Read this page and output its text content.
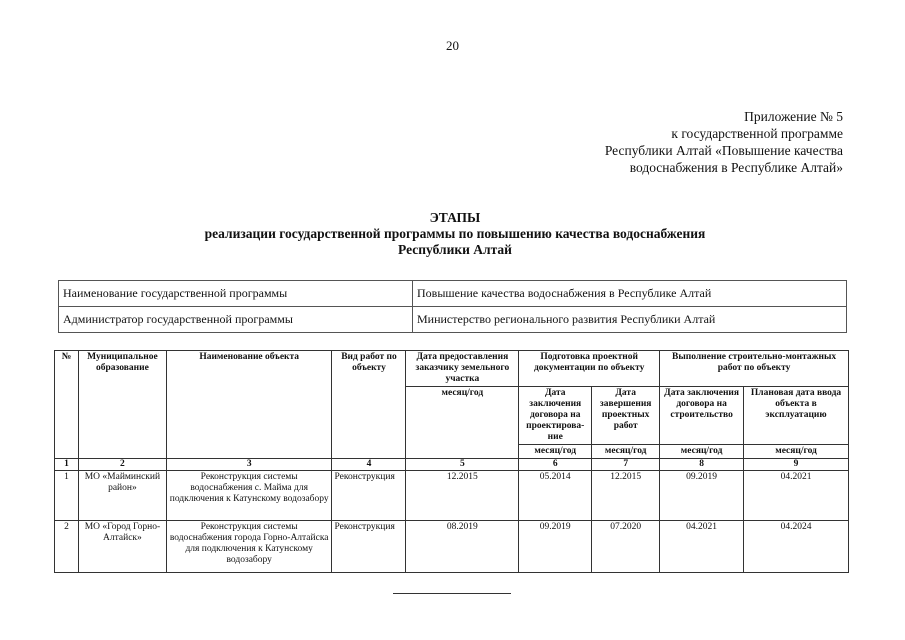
20
Приложение № 5
к государственной программе
Республики Алтай «Повышение качества
водоснабжения в Республике Алтай»
ЭТАПЫ
реализации государственной программы по повышению качества водоснабжения
Республики Алтай
Наименование государственной программы	Повышение качества водоснабжения в Республике Алтай
Администратор государственной программы	Министерство регионального развития Республики Алтай
№	Муниципальное образование	Наименование объекта	Вид работ по объекту	Дата предоставления заказчику земельного участка	Подготовка проектной документации по объекту		Выполнение строительно-монтажных работ по объекту	
				месяц/год	Дата заключения договора на проектирова-ние	Дата завершения проектных работ	Дата заключения договора на строительство	Плановая дата ввода объекта в эксплуатацию
					месяц/год	месяц/год	месяц/год	месяц/год

1	2	3	4	5	6	7	8	9
1	МО «Майминский район»	Реконструкция системы водоснабжения с. Майма для подключения к Катунскому водозабору	Реконструкция	12.2015	05.2014	12.2015	09.2019	04.2021
2	МО «Город Горно-Алтайск»	Реконструкция системы водоснабжения города Горно-Алтайска для подключения к Катунскому водозабору	Реконструкция	08.2019	09.2019	07.2020	04.2021	04.2024
